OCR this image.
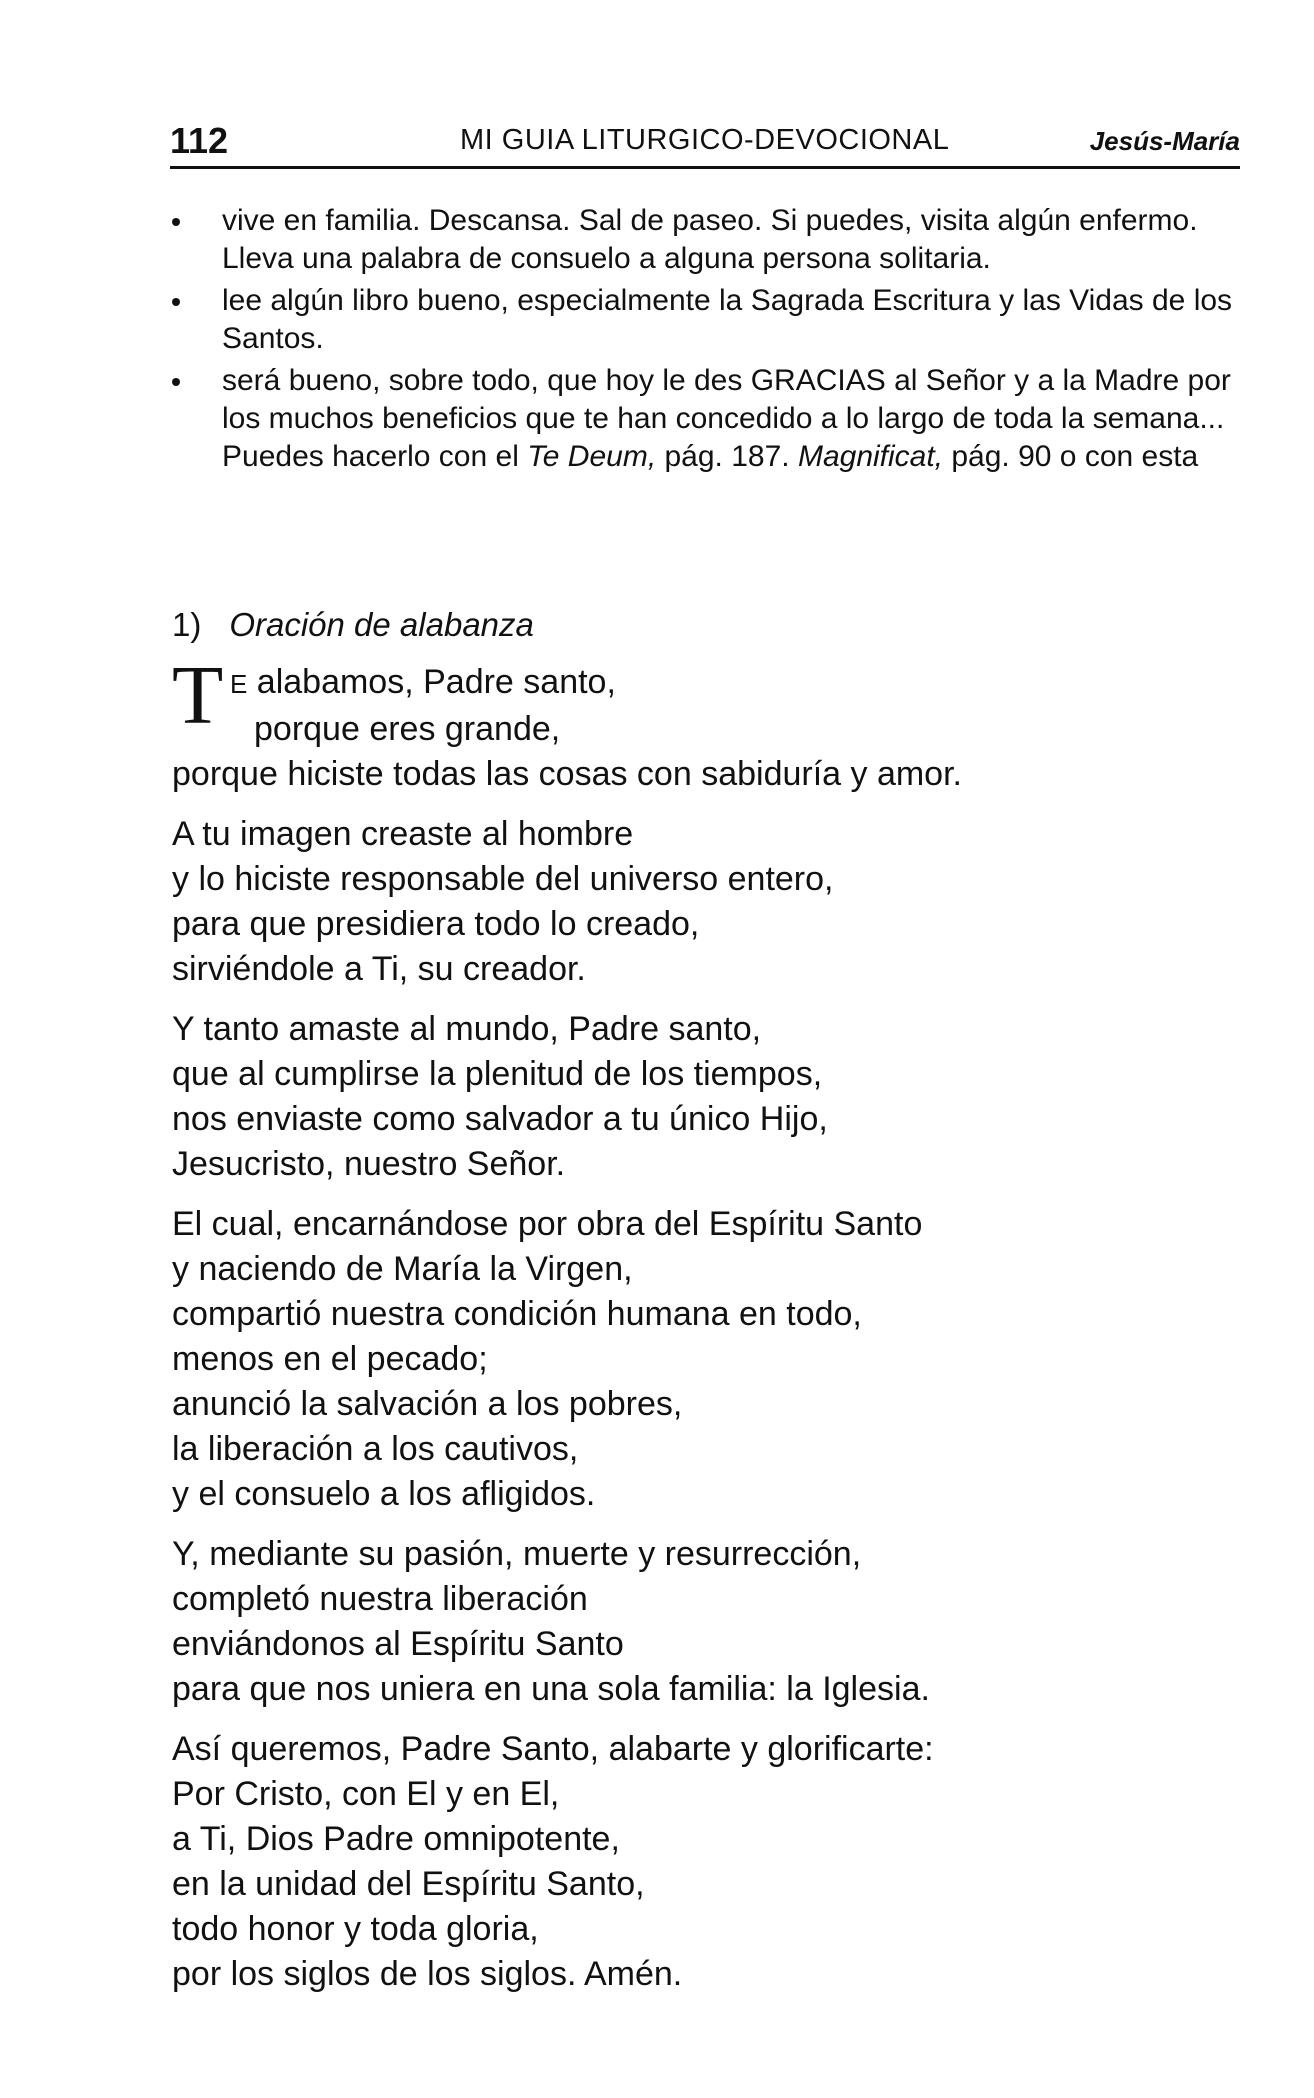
112	MI GUIA LITURGICO-DEVOCIONAL	Jesús-María
vive en familia. Descansa. Sal de paseo. Si puedes, visita algún enfermo. Lleva una palabra de consuelo a alguna persona solitaria.
lee algún libro bueno, especialmente la Sagrada Escritura y las Vidas de los Santos.
será bueno, sobre todo, que hoy le des GRACIAS al Señor y a la Madre por los muchos beneficios que te han concedido a lo largo de toda la semana... Puedes hacerlo con el Te Deum, pág. 187. Magnificat, pág. 90 o con esta
1) Oración de alabanza
T E alabamos, Padre santo,
porque eres grande,
porque hiciste todas las cosas con sabiduría y amor.
A tu imagen creaste al hombre
y lo hiciste responsable del universo entero,
para que presidiera todo lo creado,
sirviéndole a Ti, su creador.
Y tanto amaste al mundo, Padre santo,
que al cumplirse la plenitud de los tiempos,
nos enviaste como salvador a tu único Hijo,
Jesucristo, nuestro Señor.
El cual, encarnándose por obra del Espíritu Santo
y naciendo de María la Virgen,
compartió nuestra condición humana en todo,
menos en el pecado;
anunció la salvación a los pobres,
la liberación a los cautivos,
y el consuelo a los afligidos.
Y, mediante su pasión, muerte y resurrección,
completó nuestra liberación
enviándonos al Espíritu Santo
para que nos uniera en una sola familia: la Iglesia.
Así queremos, Padre Santo, alabarte y glorificarte:
Por Cristo, con El y en El,
a Ti, Dios Padre omnipotente,
en la unidad del Espíritu Santo,
todo honor y toda gloria,
por los siglos de los siglos. Amén.
